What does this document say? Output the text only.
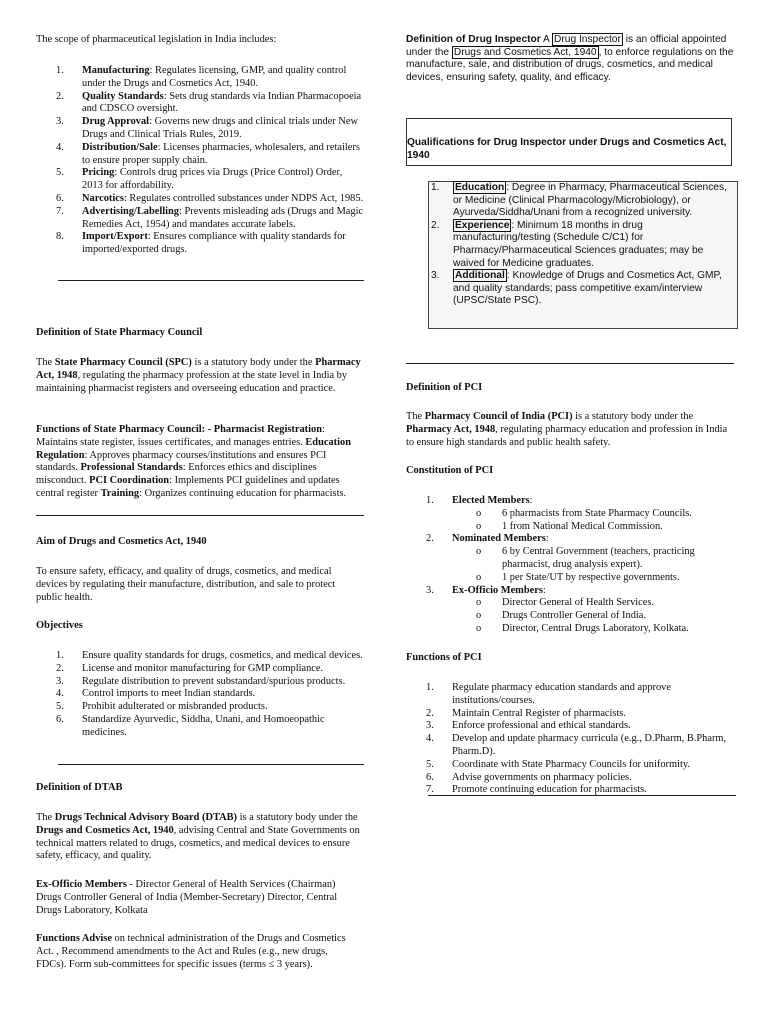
The scope of pharmaceutical legislation in India includes:

1. Manufacturing: Regulates licensing, GMP, and quality control under the Drugs and Cosmetics Act, 1940.
2. Quality Standards: Sets drug standards via Indian Pharmacopoeia and CDSCO oversight.
3. Drug Approval: Governs new drugs and clinical trials under New Drugs and Clinical Trials Rules, 2019.
4. Distribution/Sale: Licenses pharmacies, wholesalers, and retailers to ensure proper supply chain.
5. Pricing: Controls drug prices via Drugs (Price Control) Order, 2013 for affordability.
6. Narcotics: Regulates controlled substances under NDPS Act, 1985.
7. Advertising/Labelling: Prevents misleading ads (Drugs and Magic Remedies Act, 1954) and mandates accurate labels.
8. Import/Export: Ensures compliance with quality standards for imported/exported drugs.

Definition of State Pharmacy Council

The State Pharmacy Council (SPC) is a statutory body under the Pharmacy Act, 1948, regulating the pharmacy profession at the state level in India by maintaining pharmacist registers and overseeing education and practice.

Functions of State Pharmacy Council: - Pharmacist Registration: Maintains state register, issues certificates, and manages entries. Education Regulation: Approves pharmacy courses/institutions and ensures PCI standards. Professional Standards: Enforces ethics and disciplines misconduct. PCI Coordination: Implements PCI guidelines and updates central register Training: Organizes continuing education for pharmacists.

Aim of Drugs and Cosmetics Act, 1940

To ensure safety, efficacy, and quality of drugs, cosmetics, and medical devices by regulating their manufacture, distribution, and sale to protect public health.

Objectives

1. Ensure quality standards for drugs, cosmetics, and medical devices.
2. License and monitor manufacturing for GMP compliance.
3. Regulate distribution to prevent substandard/spurious products.
4. Control imports to meet Indian standards.
5. Prohibit adulterated or misbranded products.
6. Standardize Ayurvedic, Siddha, Unani, and Homoeopathic medicines.

Definition of DTAB

The Drugs Technical Advisory Board (DTAB) is a statutory body under the Drugs and Cosmetics Act, 1940, advising Central and State Governments on technical matters related to drugs, cosmetics, and medical devices to ensure safety, efficacy, and quality.

Ex-Officio Members - Director General of Health Services (Chairman) Drugs Controller General of India (Member-Secretary) Director, Central Drugs Laboratory, Kolkata

Functions Advise on technical administration of the Drugs and Cosmetics Act. , Recommend amendments to the Act and Rules (e.g., new drugs, FDCs). Form sub-committees for specific issues (terms ≤ 3 years).

Definition of Drug Inspector A Drug Inspector is an official appointed under the Drugs and Cosmetics Act, 1940 , to enforce regulations on the manufacture, sale, and distribution of drugs, cosmetics, and medical devices, ensuring safety, quality, and efficacy.

Qualifications for Drug Inspector under Drugs and Cosmetics Act, 1940

1. Education : Degree in Pharmacy, Pharmaceutical Sciences, or Medicine (Clinical Pharmacology/Microbiology), or Ayurveda/Siddha/Unani from a recognized university.
2. Experience : Minimum 18 months in drug manufacturing/testing (Schedule C/C1) for Pharmacy/Pharmaceutical Sciences graduates; may be waived for Medicine graduates.
3. Additional : Knowledge of Drugs and Cosmetics Act, GMP, and quality standards; pass competitive exam/interview (UPSC/State PSC).

Definition of PCI

The Pharmacy Council of India (PCI) is a statutory body under the Pharmacy Act, 1948, regulating pharmacy education and profession in India to ensure high standards and public health safety.

Constitution of PCI

1. Elected Members:
o 6 pharmacists from State Pharmacy Councils.
o 1 from National Medical Commission.
2. Nominated Members:
o 6 by Central Government (teachers, practicing pharmacist, drug analysis expert).
o 1 per State/UT by respective governments.
3. Ex-Officio Members:
o Director General of Health Services.
o Drugs Controller General of India.
o Director, Central Drugs Laboratory, Kolkata.

Functions of PCI

1. Regulate pharmacy education standards and approve institutions/courses.
2. Maintain Central Register of pharmacists.
3. Enforce professional and ethical standards.
4. Develop and update pharmacy curricula (e.g., D.Pharm, B.Pharm, Pharm.D).
5. Coordinate with State Pharmacy Councils for uniformity.
6. Advise governments on pharmacy policies.
7. Promote continuing education for pharmacists.
